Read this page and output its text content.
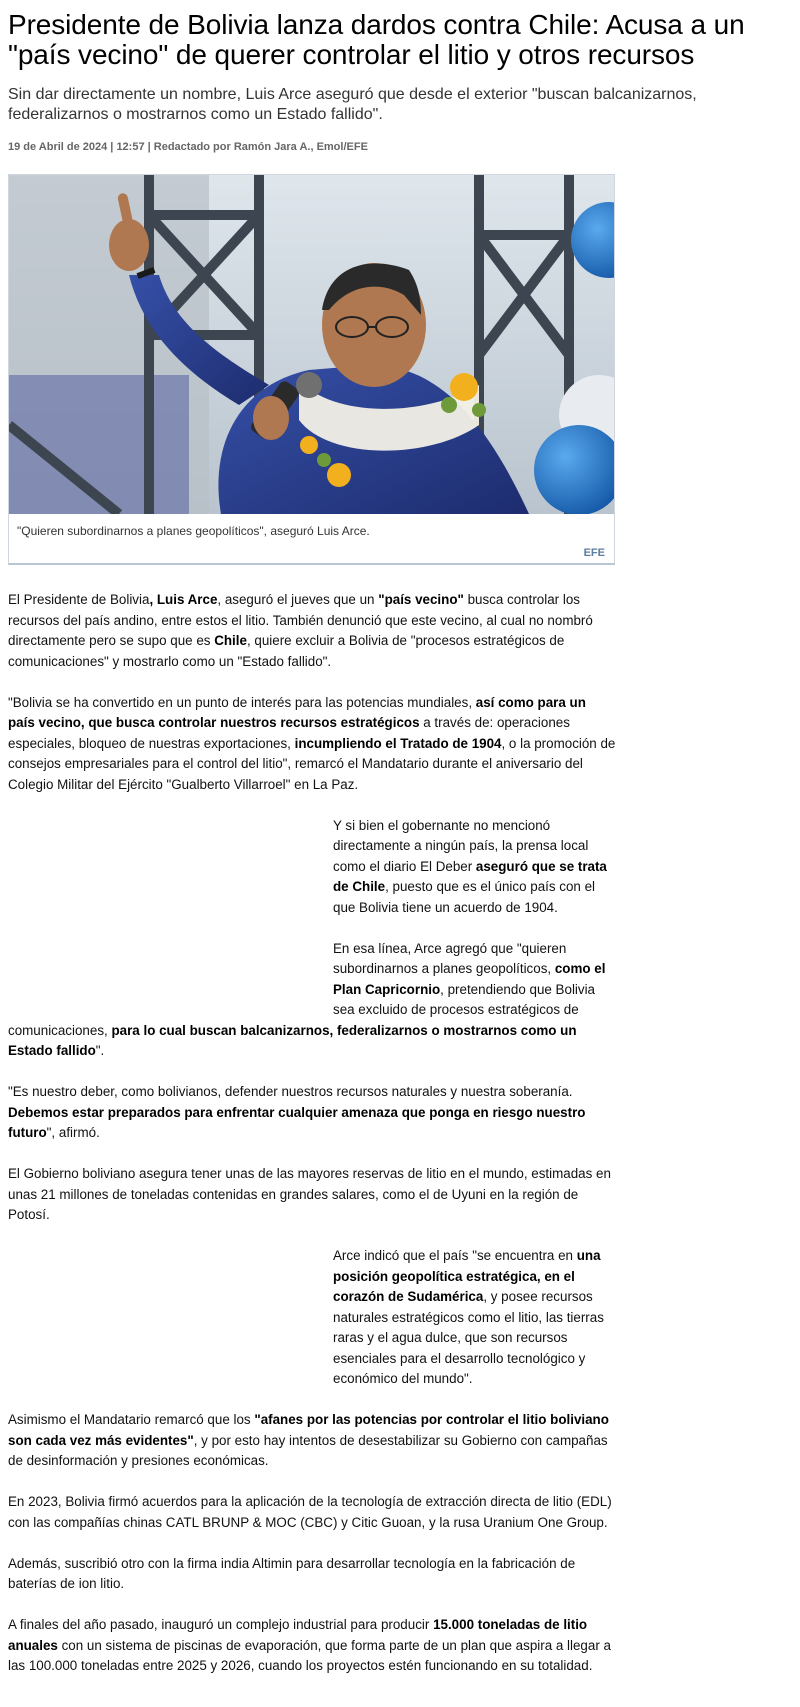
Presidente de Bolivia lanza dardos contra Chile: Acusa a un "país vecino" de querer controlar el litio y otros recursos

Sin dar directamente un nombre, Luis Arce aseguró que desde el exterior "buscan balcanizarnos, federalizarnos o mostrarnos como un Estado fallido".

19 de Abril de 2024 | 12:57 | Redactado por Ramón Jara A., Emol/EFE

"Quieren subordinarnos a planes geopolíticos", aseguró Luis Arce.
EFE

El Presidente de Bolivia, Luis Arce, aseguró el jueves que un "país vecino" busca controlar los recursos del país andino, entre estos el litio. También denunció que este vecino, al cual no nombró directamente pero se supo que es Chile, quiere excluir a Bolivia de "procesos estratégicos de comunicaciones" y mostrarlo como un "Estado fallido".

"Bolivia se ha convertido en un punto de interés para las potencias mundiales, así como para un país vecino, que busca controlar nuestros recursos estratégicos a través de: operaciones especiales, bloqueo de nuestras exportaciones, incumpliendo el Tratado de 1904, o la promoción de consejos empresariales para el control del litio", remarcó el Mandatario durante el aniversario del Colegio Militar del Ejército "Gualberto Villarroel" en La Paz.

Y si bien el gobernante no mencionó directamente a ningún país, la prensa local como el diario El Deber aseguró que se trata de Chile, puesto que es el único país con el que Bolivia tiene un acuerdo de 1904.

En esa línea, Arce agregó que "quieren subordinarnos a planes geopolíticos, como el Plan Capricornio, pretendiendo que Bolivia sea excluido de procesos estratégicos de comunicaciones, para lo cual buscan balcanizarnos, federalizarnos o mostrarnos como un Estado fallido".

"Es nuestro deber, como bolivianos, defender nuestros recursos naturales y nuestra soberanía. Debemos estar preparados para enfrentar cualquier amenaza que ponga en riesgo nuestro futuro", afirmó.

El Gobierno boliviano asegura tener unas de las mayores reservas de litio en el mundo, estimadas en unas 21 millones de toneladas contenidas en grandes salares, como el de Uyuni en la región de Potosí.

Arce indicó que el país "se encuentra en una posición geopolítica estratégica, en el corazón de Sudamérica, y posee recursos naturales estratégicos como el litio, las tierras raras y el agua dulce, que son recursos esenciales para el desarrollo tecnológico y económico del mundo".

Asimismo el Mandatario remarcó que los "afanes por las potencias por controlar el litio boliviano son cada vez más evidentes", y por esto hay intentos de desestabilizar su Gobierno con campañas de desinformación y presiones económicas.

En 2023, Bolivia firmó acuerdos para la aplicación de la tecnología de extracción directa de litio (EDL) con las compañías chinas CATL BRUNP & MOC (CBC) y Citic Guoan, y la rusa Uranium One Group.

Además, suscribió otro con la firma india Altimin para desarrollar tecnología en la fabricación de baterías de ion litio.

A finales del año pasado, inauguró un complejo industrial para producir 15.000 toneladas de litio anuales con un sistema de piscinas de evaporación, que forma parte de un plan que aspira a llegar a las 100.000 toneladas entre 2025 y 2026, cuando los proyectos estén funcionando en su totalidad.
